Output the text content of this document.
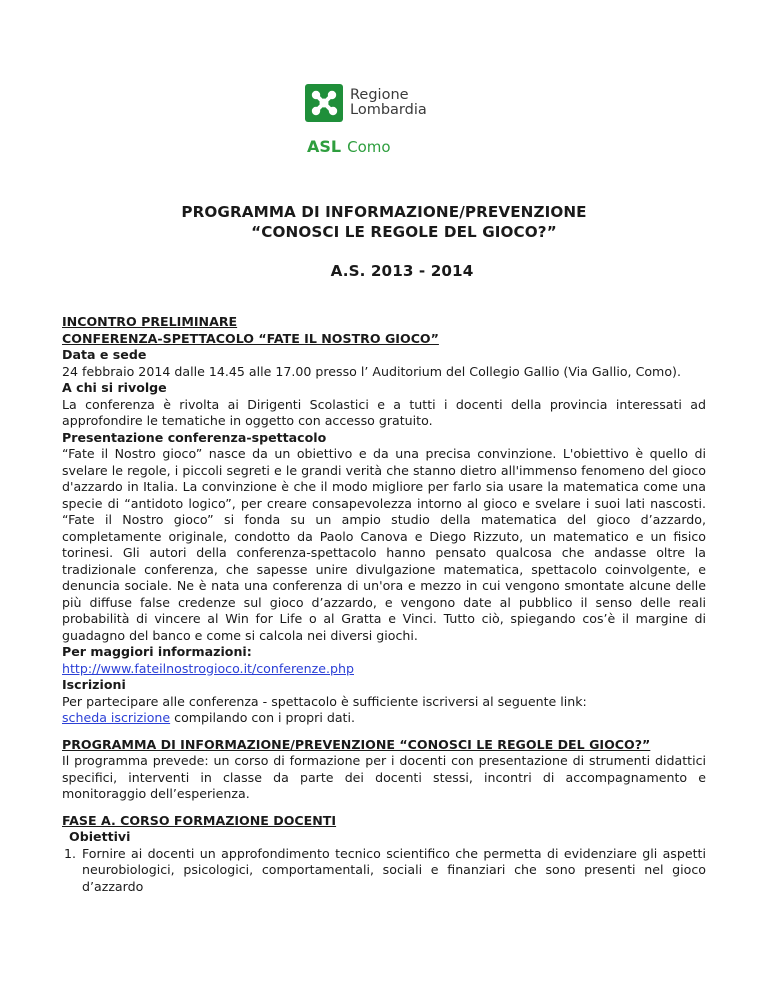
Regione
Lombardia
ASL Como
PROGRAMMA DI INFORMAZIONE/PREVENZIONE
“CONOSCI LE REGOLE DEL GIOCO?”
A.S. 2013 - 2014

INCONTRO PRELIMINARE

CONFERENZA-SPETTACOLO “FATE IL NOSTRO GIOCO”

Data e sede

24 febbraio 2014 dalle 14.45 alle 17.00 presso l’ Auditorium del Collegio Gallio (Via Gallio, Como).

A chi si rivolge

La conferenza è rivolta ai Dirigenti Scolastici e a tutti i docenti della provincia interessati ad approfondire le tematiche in oggetto con accesso gratuito.

Presentazione conferenza-spettacolo

“Fate il Nostro gioco” nasce da un obiettivo e da una precisa convinzione. L'obiettivo è quello di svelare le regole, i piccoli segreti e le grandi verità che stanno dietro all'immenso fenomeno del gioco d'azzardo in Italia. La convinzione è che il modo migliore per farlo sia usare la matematica come una specie di “antidoto logico”, per creare consapevolezza intorno al gioco e svelare i suoi lati nascosti. “Fate il Nostro gioco” si fonda su un ampio studio della matematica del gioco d’azzardo, completamente originale, condotto da Paolo Canova e Diego Rizzuto, un matematico e un fisico torinesi. Gli autori della conferenza-spettacolo hanno pensato qualcosa che andasse oltre la tradizionale conferenza, che sapesse unire divulgazione matematica, spettacolo coinvolgente, e denuncia sociale. Ne è nata una conferenza di un'ora e mezzo in cui vengono smontate alcune delle più diffuse false credenze sul gioco d’azzardo, e vengono date al pubblico il senso delle reali probabilità di vincere al Win for Life o al Gratta e Vinci. Tutto ciò, spiegando cos’è il margine di guadagno del banco e come si calcola nei diversi giochi.

Per maggiori informazioni:

http://www.fateilnostrogioco.it/conferenze.php

Iscrizioni

Per partecipare alle conferenza - spettacolo è sufficiente iscriversi al seguente link:

scheda iscrizione compilando con i propri dati.

PROGRAMMA DI INFORMAZIONE/PREVENZIONE “CONOSCI LE REGOLE DEL GIOCO?”

Il programma prevede: un corso di formazione per i docenti con presentazione di strumenti didattici specifici, interventi in classe da parte dei docenti stessi, incontri di accompagnamento e monitoraggio dell’esperienza.

FASE A. CORSO FORMAZIONE DOCENTI

Obiettivi

1. Fornire ai docenti un approfondimento tecnico scientifico che permetta di evidenziare gli aspetti neurobiologici, psicologici, comportamentali, sociali e finanziari che sono presenti nel gioco d’azzardo
